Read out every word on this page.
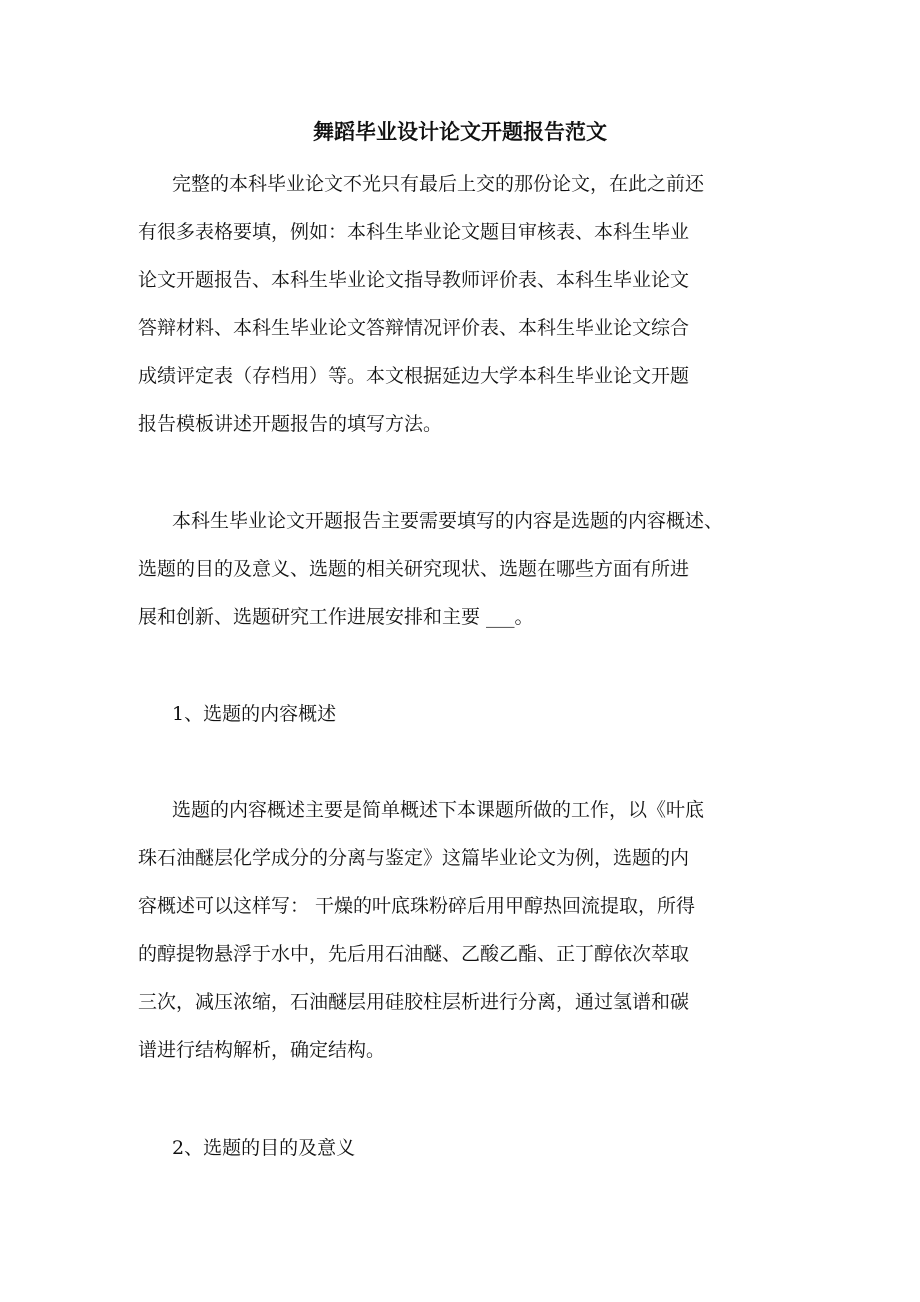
舞蹈毕业设计论文开题报告范文
完整的本科毕业论文不光只有最后上交的那份论文，在此之前还
有很多表格要填，例如：本科生毕业论文题目审核表、本科生毕业
论文开题报告、本科生毕业论文指导教师评价表、本科生毕业论文
答辩材料、本科生毕业论文答辩情况评价表、本科生毕业论文综合
成绩评定表（存档用）等。本文根据延边大学本科生毕业论文开题
报告模板讲述开题报告的填写方法。
本科生毕业论文开题报告主要需要填写的内容是选题的内容概述、
选题的目的及意义、选题的相关研究现状、选题在哪些方面有所进
展和创新、选题研究工作进展安排和主要 ___。
1、选题的内容概述
选题的内容概述主要是简单概述下本课题所做的工作，以《叶底
珠石油醚层化学成分的分离与鉴定》这篇毕业论文为例，选题的内
容概述可以这样写： 干燥的叶底珠粉碎后用甲醇热回流提取，所得
的醇提物悬浮于水中，先后用石油醚、乙酸乙酯、正丁醇依次萃取
三次，减压浓缩，石油醚层用硅胶柱层析进行分离，通过氢谱和碳
谱进行结构解析，确定结构。
2、选题的目的及意义
